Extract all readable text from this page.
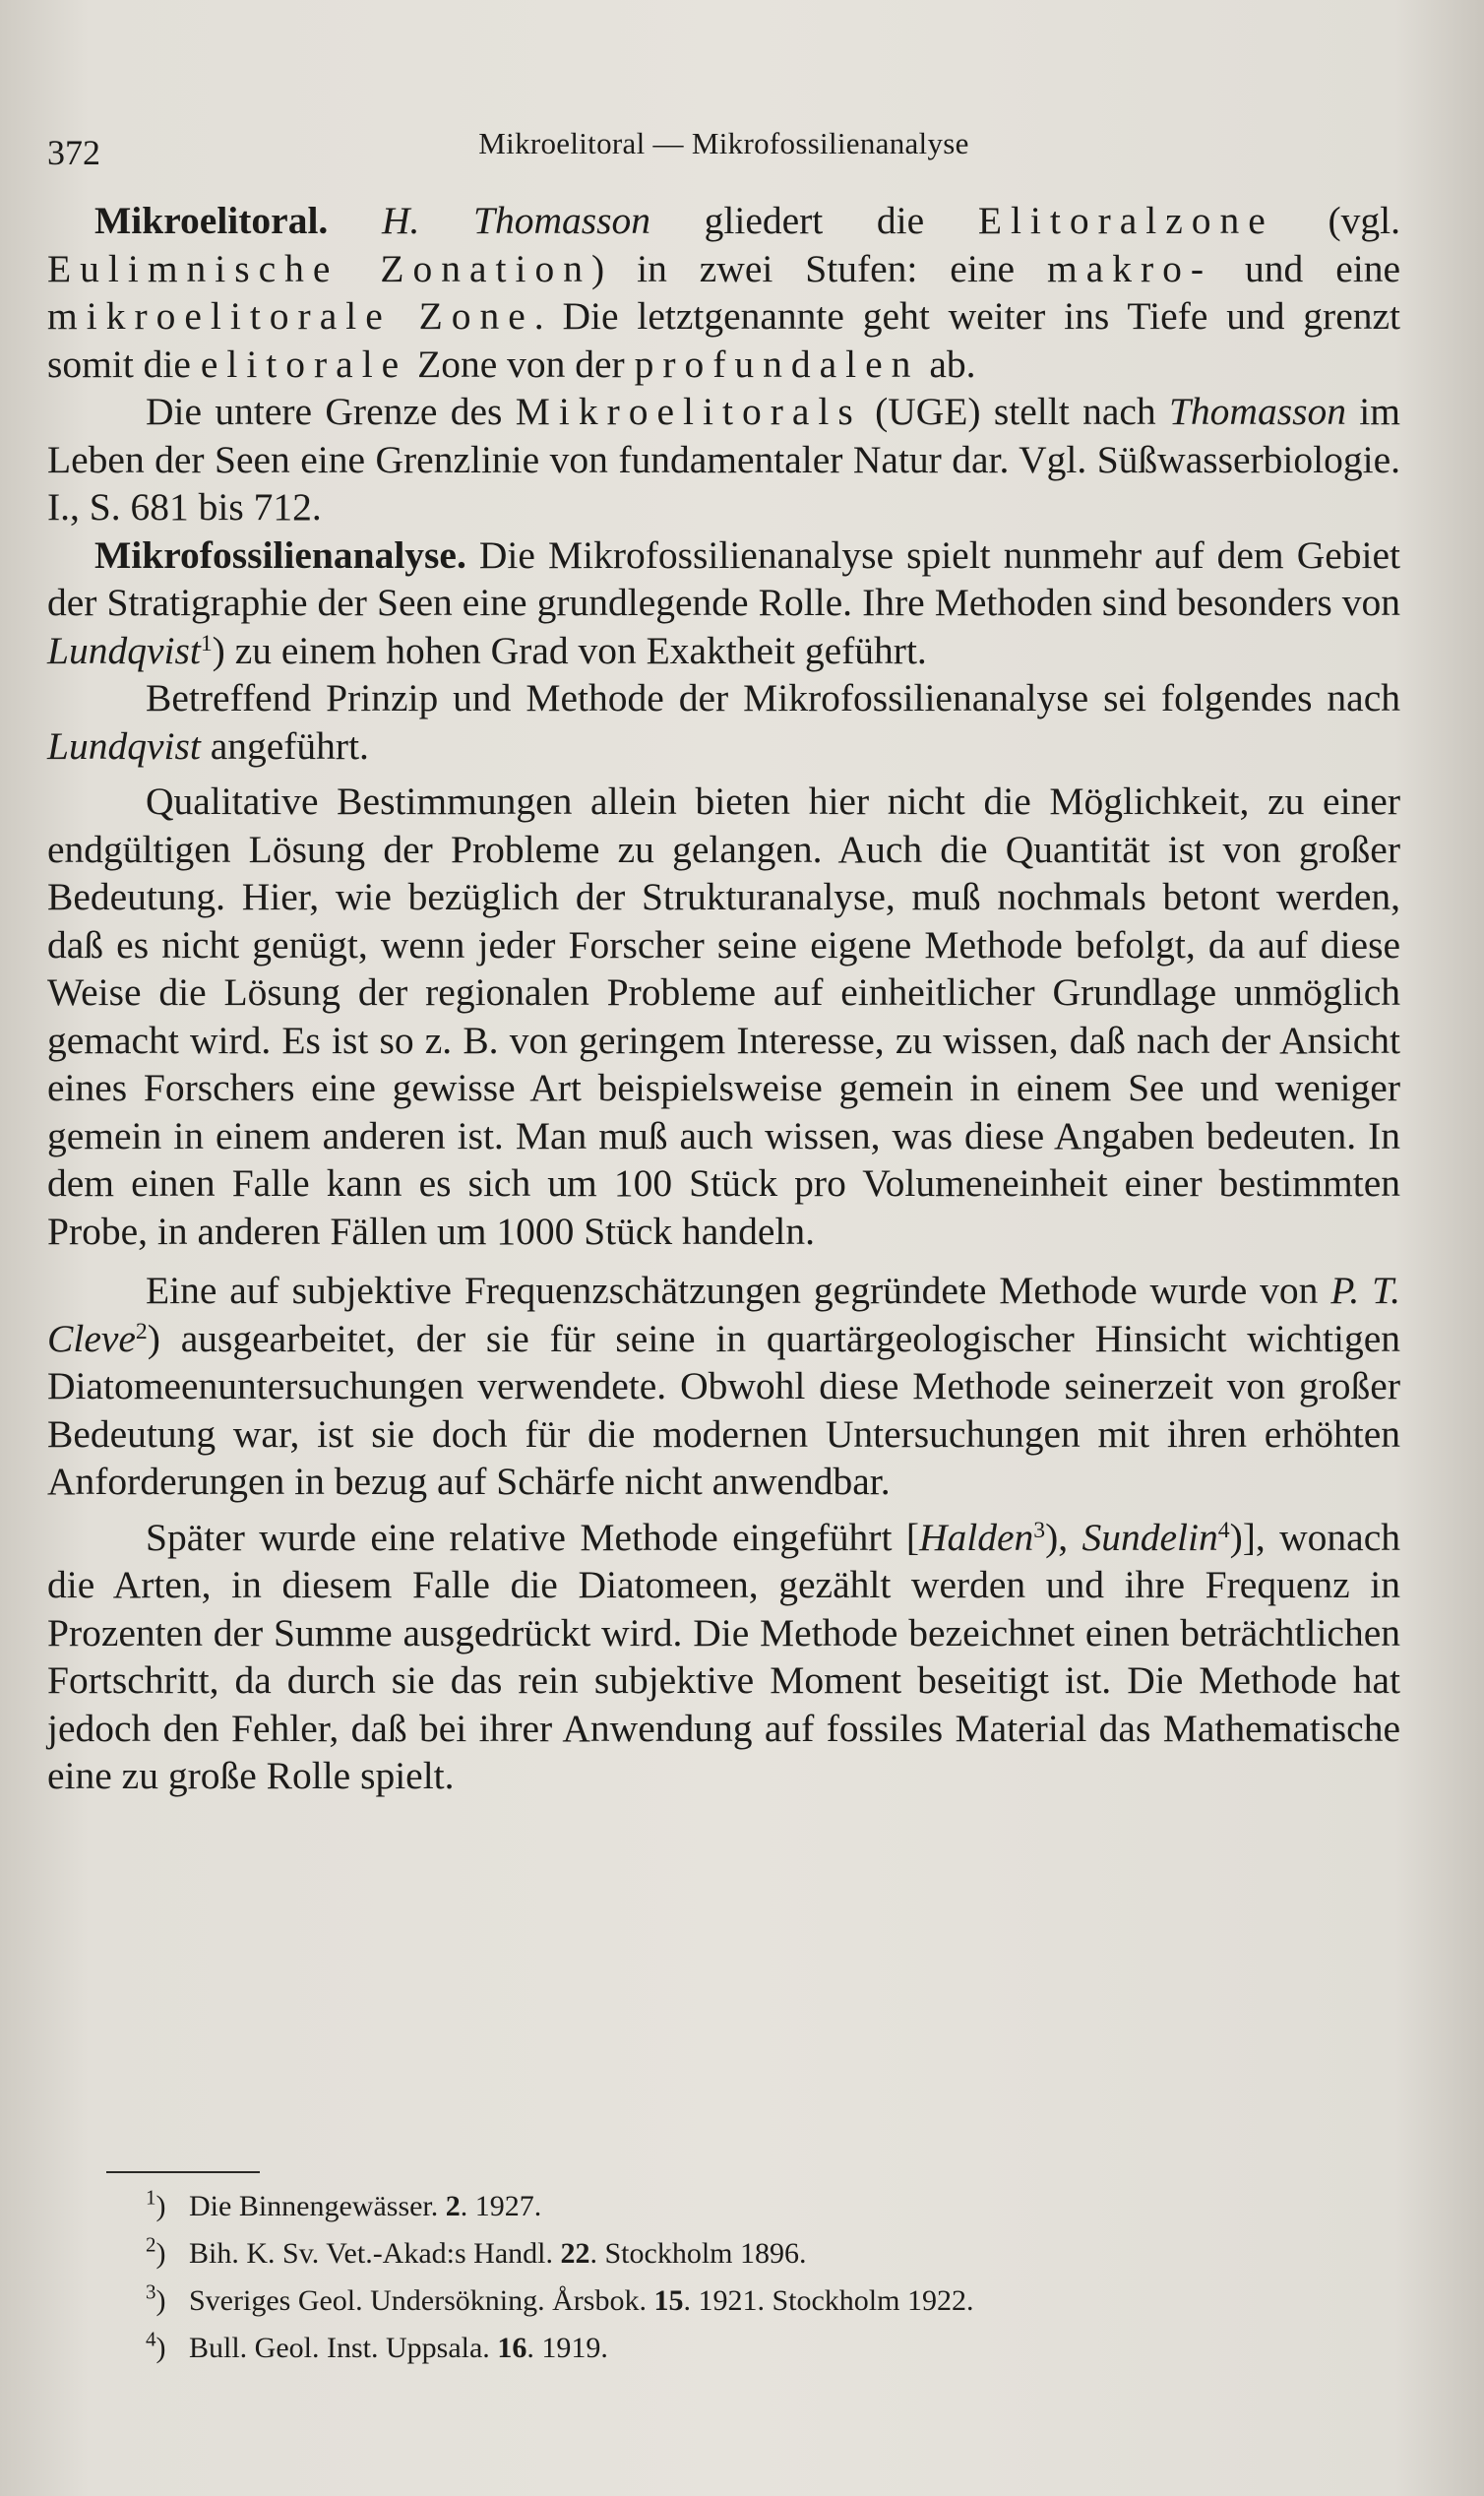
372	Mikroelitoral — Mikrofossilienanalyse

Mikroelitoral. H. Thomasson gliedert die Elitoralzone (vgl. Eulimnische Zonation) in zwei Stufen: eine makro- und eine mikroelitorale Zone. Die letztgenannte geht weiter ins Tiefe und grenzt somit die elitorale Zone von der profundalen ab.

Die untere Grenze des Mikroelitorals (UGE) stellt nach Thomasson im Leben der Seen eine Grenzlinie von fundamentaler Natur dar. Vgl. Süßwasserbiologie. I., S. 681 bis 712.

Mikrofossilienanalyse. Die Mikrofossilienanalyse spielt nunmehr auf dem Gebiet der Stratigraphie der Seen eine grundlegende Rolle. Ihre Methoden sind besonders von Lundqvist$^1$) zu einem hohen Grad von Exaktheit geführt.

Betreffend Prinzip und Methode der Mikrofossilienanalyse sei folgendes nach Lundqvist angeführt.

Qualitative Bestimmungen allein bieten hier nicht die Möglichkeit, zu einer endgültigen Lösung der Probleme zu gelangen. Auch die Quantität ist von großer Bedeutung. Hier, wie bezüglich der Strukturanalyse, muß nochmals betont werden, daß es nicht genügt, wenn jeder Forscher seine eigene Methode befolgt, da auf diese Weise die Lösung der regionalen Probleme auf einheitlicher Grundlage unmöglich gemacht wird. Es ist so z. B. von geringem Interesse, zu wissen, daß nach der Ansicht eines Forschers eine gewisse Art beispielsweise gemein in einem See und weniger gemein in einem anderen ist. Man muß auch wissen, was diese Angaben bedeuten. In dem einen Falle kann es sich um 100 Stück pro Volumeneinheit einer bestimmten Probe, in anderen Fällen um 1000 Stück handeln.

Eine auf subjektive Frequenzschätzungen gegründete Methode wurde von P. T. Cleve$^2$) ausgearbeitet, der sie für seine in quartärgeologischer Hinsicht wichtigen Diatomeenuntersuchungen verwendete. Obwohl diese Methode seinerzeit von großer Bedeutung war, ist sie doch für die modernen Untersuchungen mit ihren erhöhten Anforderungen in bezug auf Schärfe nicht anwendbar.

Später wurde eine relative Methode eingeführt [Halden$^3$), Sundelin$^4$)], wonach die Arten, in diesem Falle die Diatomeen, gezählt werden und ihre Frequenz in Prozenten der Summe ausgedrückt wird. Die Methode bezeichnet einen beträchtlichen Fortschritt, da durch sie das rein subjektive Moment beseitigt ist. Die Methode hat jedoch den Fehler, daß bei ihrer Anwendung auf fossiles Material das Mathematische eine zu große Rolle spielt.

$^1$) Die Binnengewässer. 2. 1927.
$^2$) Bih. K. Sv. Vet.-Akad:s Handl. 22. Stockholm 1896.
$^3$) Sveriges Geol. Undersökning. Årsbok. 15. 1921. Stockholm 1922.
$^4$) Bull. Geol. Inst. Uppsala. 16. 1919.
